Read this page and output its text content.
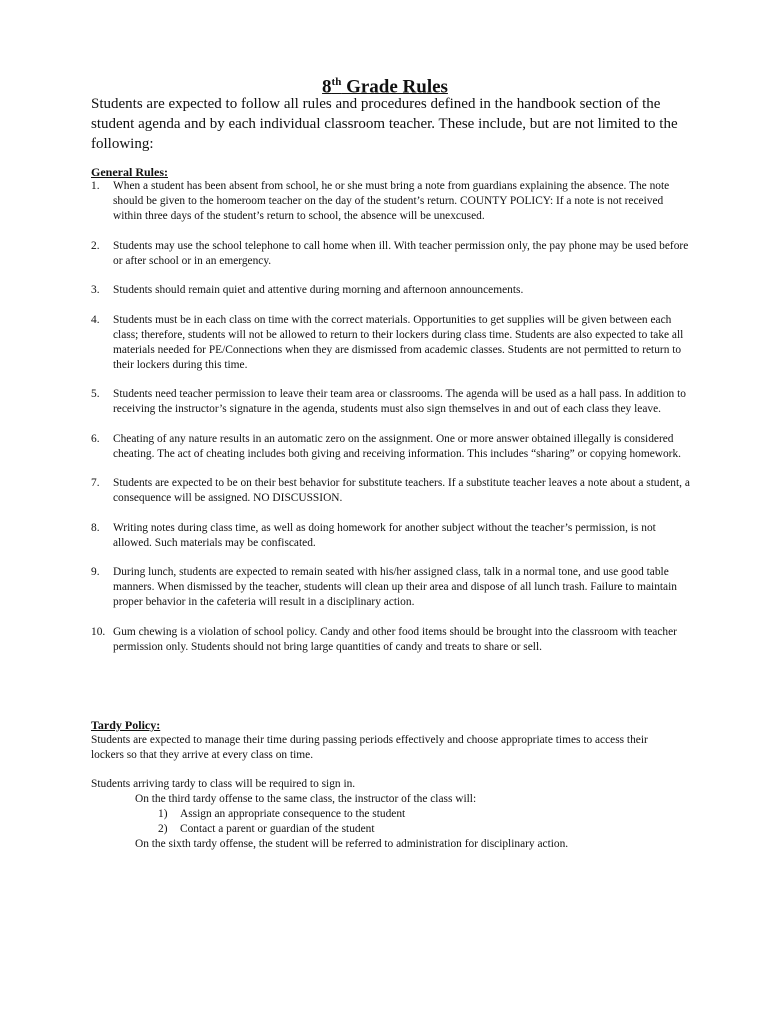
8th Grade Rules
Students are expected to follow all rules and procedures defined in the handbook section of the student agenda and by each individual classroom teacher. These include, but are not limited to the following:
General Rules:
1.	When a student has been absent from school, he or she must bring a note from guardians explaining the absence. The note should be given to the homeroom teacher on the day of the student’s return. COUNTY POLICY: If a note is not received within three days of the student’s return to school, the absence will be unexcused.
2.	Students may use the school telephone to call home when ill. With teacher permission only, the pay phone may be used before or after school or in an emergency.
3.	Students should remain quiet and attentive during morning and afternoon announcements.
4.	Students must be in each class on time with the correct materials. Opportunities to get supplies will be given between each class; therefore, students will not be allowed to return to their lockers during class time. Students are also expected to take all materials needed for PE/Connections when they are dismissed from academic classes. Students are not permitted to return to their lockers during this time.
5.	Students need teacher permission to leave their team area or classrooms. The agenda will be used as a hall pass. In addition to receiving the instructor’s signature in the agenda, students must also sign themselves in and out of each class they leave.
6.	Cheating of any nature results in an automatic zero on the assignment. One or more answer obtained illegally is considered cheating. The act of cheating includes both giving and receiving information. This includes “sharing” or copying homework.
7.	Students are expected to be on their best behavior for substitute teachers. If a substitute teacher leaves a note about a student, a consequence will be assigned. NO DISCUSSION.
8.	Writing notes during class time, as well as doing homework for another subject without the teacher’s permission, is not allowed. Such materials may be confiscated.
9.	During lunch, students are expected to remain seated with his/her assigned class, talk in a normal tone, and use good table manners. When dismissed by the teacher, students will clean up their area and dispose of all lunch trash. Failure to maintain proper behavior in the cafeteria will result in a disciplinary action.
10. Gum chewing is a violation of school policy. Candy and other food items should be brought into the classroom with teacher permission only. Students should not bring large quantities of candy and treats to share or sell.
Tardy Policy:
Students are expected to manage their time during passing periods effectively and choose appropriate times to access their lockers so that they arrive at every class on time.
Students arriving tardy to class will be required to sign in.
On the third tardy offense to the same class, the instructor of the class will:
1) Assign an appropriate consequence to the student
2) Contact a parent or guardian of the student
On the sixth tardy offense, the student will be referred to administration for disciplinary action.
